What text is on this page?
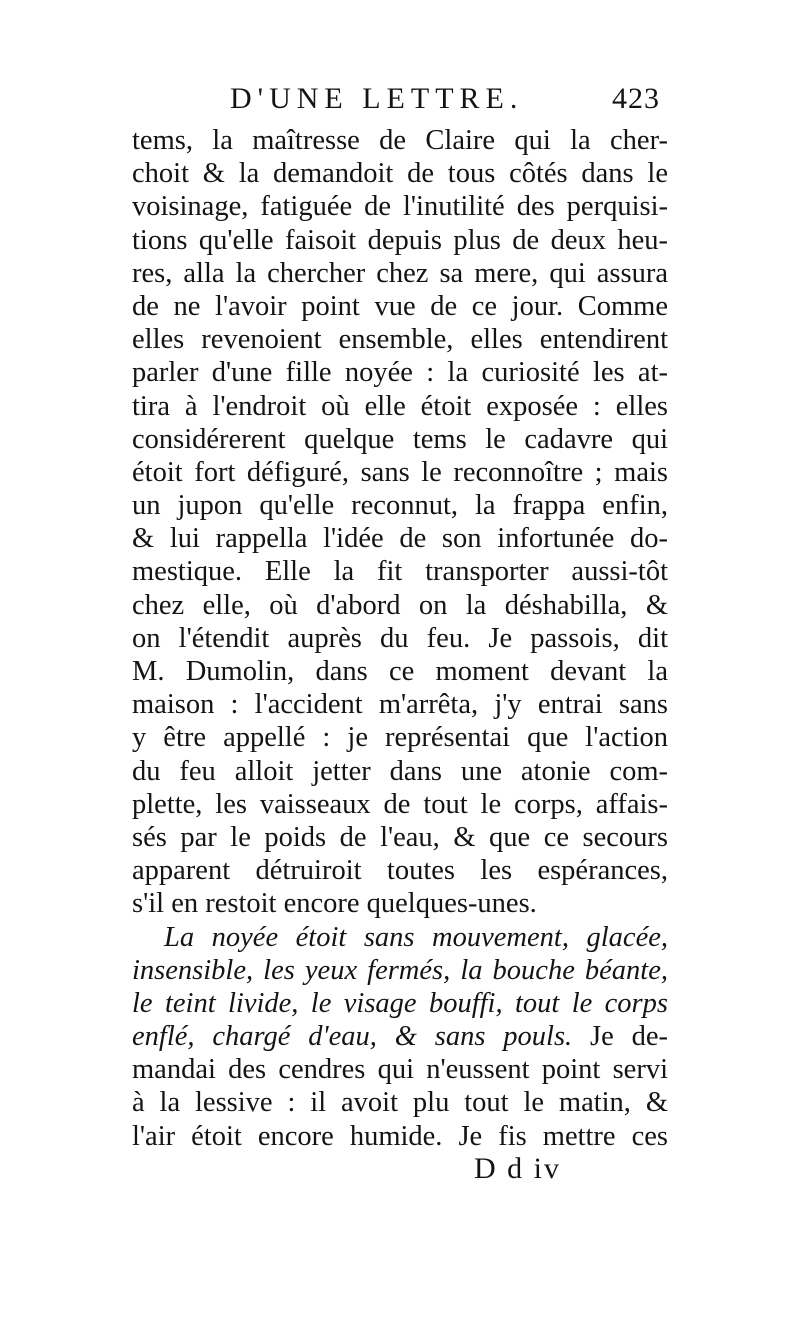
D'UNE LETTRE.	423
tems, la maîtresse de Claire qui la cher-
choit & la demandoit de tous côtés dans le
voisinage, fatiguée de l'inutilité des perquisi-
tions qu'elle faisoit depuis plus de deux heu-
res, alla la chercher chez sa mere, qui assura
de ne l'avoir point vue de ce jour. Comme
elles revenoient ensemble, elles entendirent
parler d'une fille noyée : la curiosité les at-
tira à l'endroit où elle étoit exposée : elles
considérerent quelque tems le cadavre qui
étoit fort défiguré, sans le reconnoître ; mais
un jupon qu'elle reconnut, la frappa enfin,
& lui rappella l'idée de son infortunée do-
mestique. Elle la fit transporter aussi-tôt
chez elle, où d'abord on la déshabilla, &
on l'étendit auprès du feu. Je passois, dit
M. Dumolin, dans ce moment devant la
maison : l'accident m'arrêta, j'y entrai sans
y être appellé : je représentai que l'action
du feu alloit jetter dans une atonie com-
plette, les vaisseaux de tout le corps, affais-
sés par le poids de l'eau, & que ce secours
apparent détruiroit toutes les espérances,
s'il en restoit encore quelques-unes.
La noyée étoit sans mouvement, glacée,
insensible, les yeux fermés, la bouche béante,
le teint livide, le visage bouffi, tout le corps
enflé, chargé d'eau, & sans pouls. Je de-
mandai des cendres qui n'eussent point servi
à la lessive : il avoit plu tout le matin, &
l'air étoit encore humide. Je fis mettre ces
D d iv
